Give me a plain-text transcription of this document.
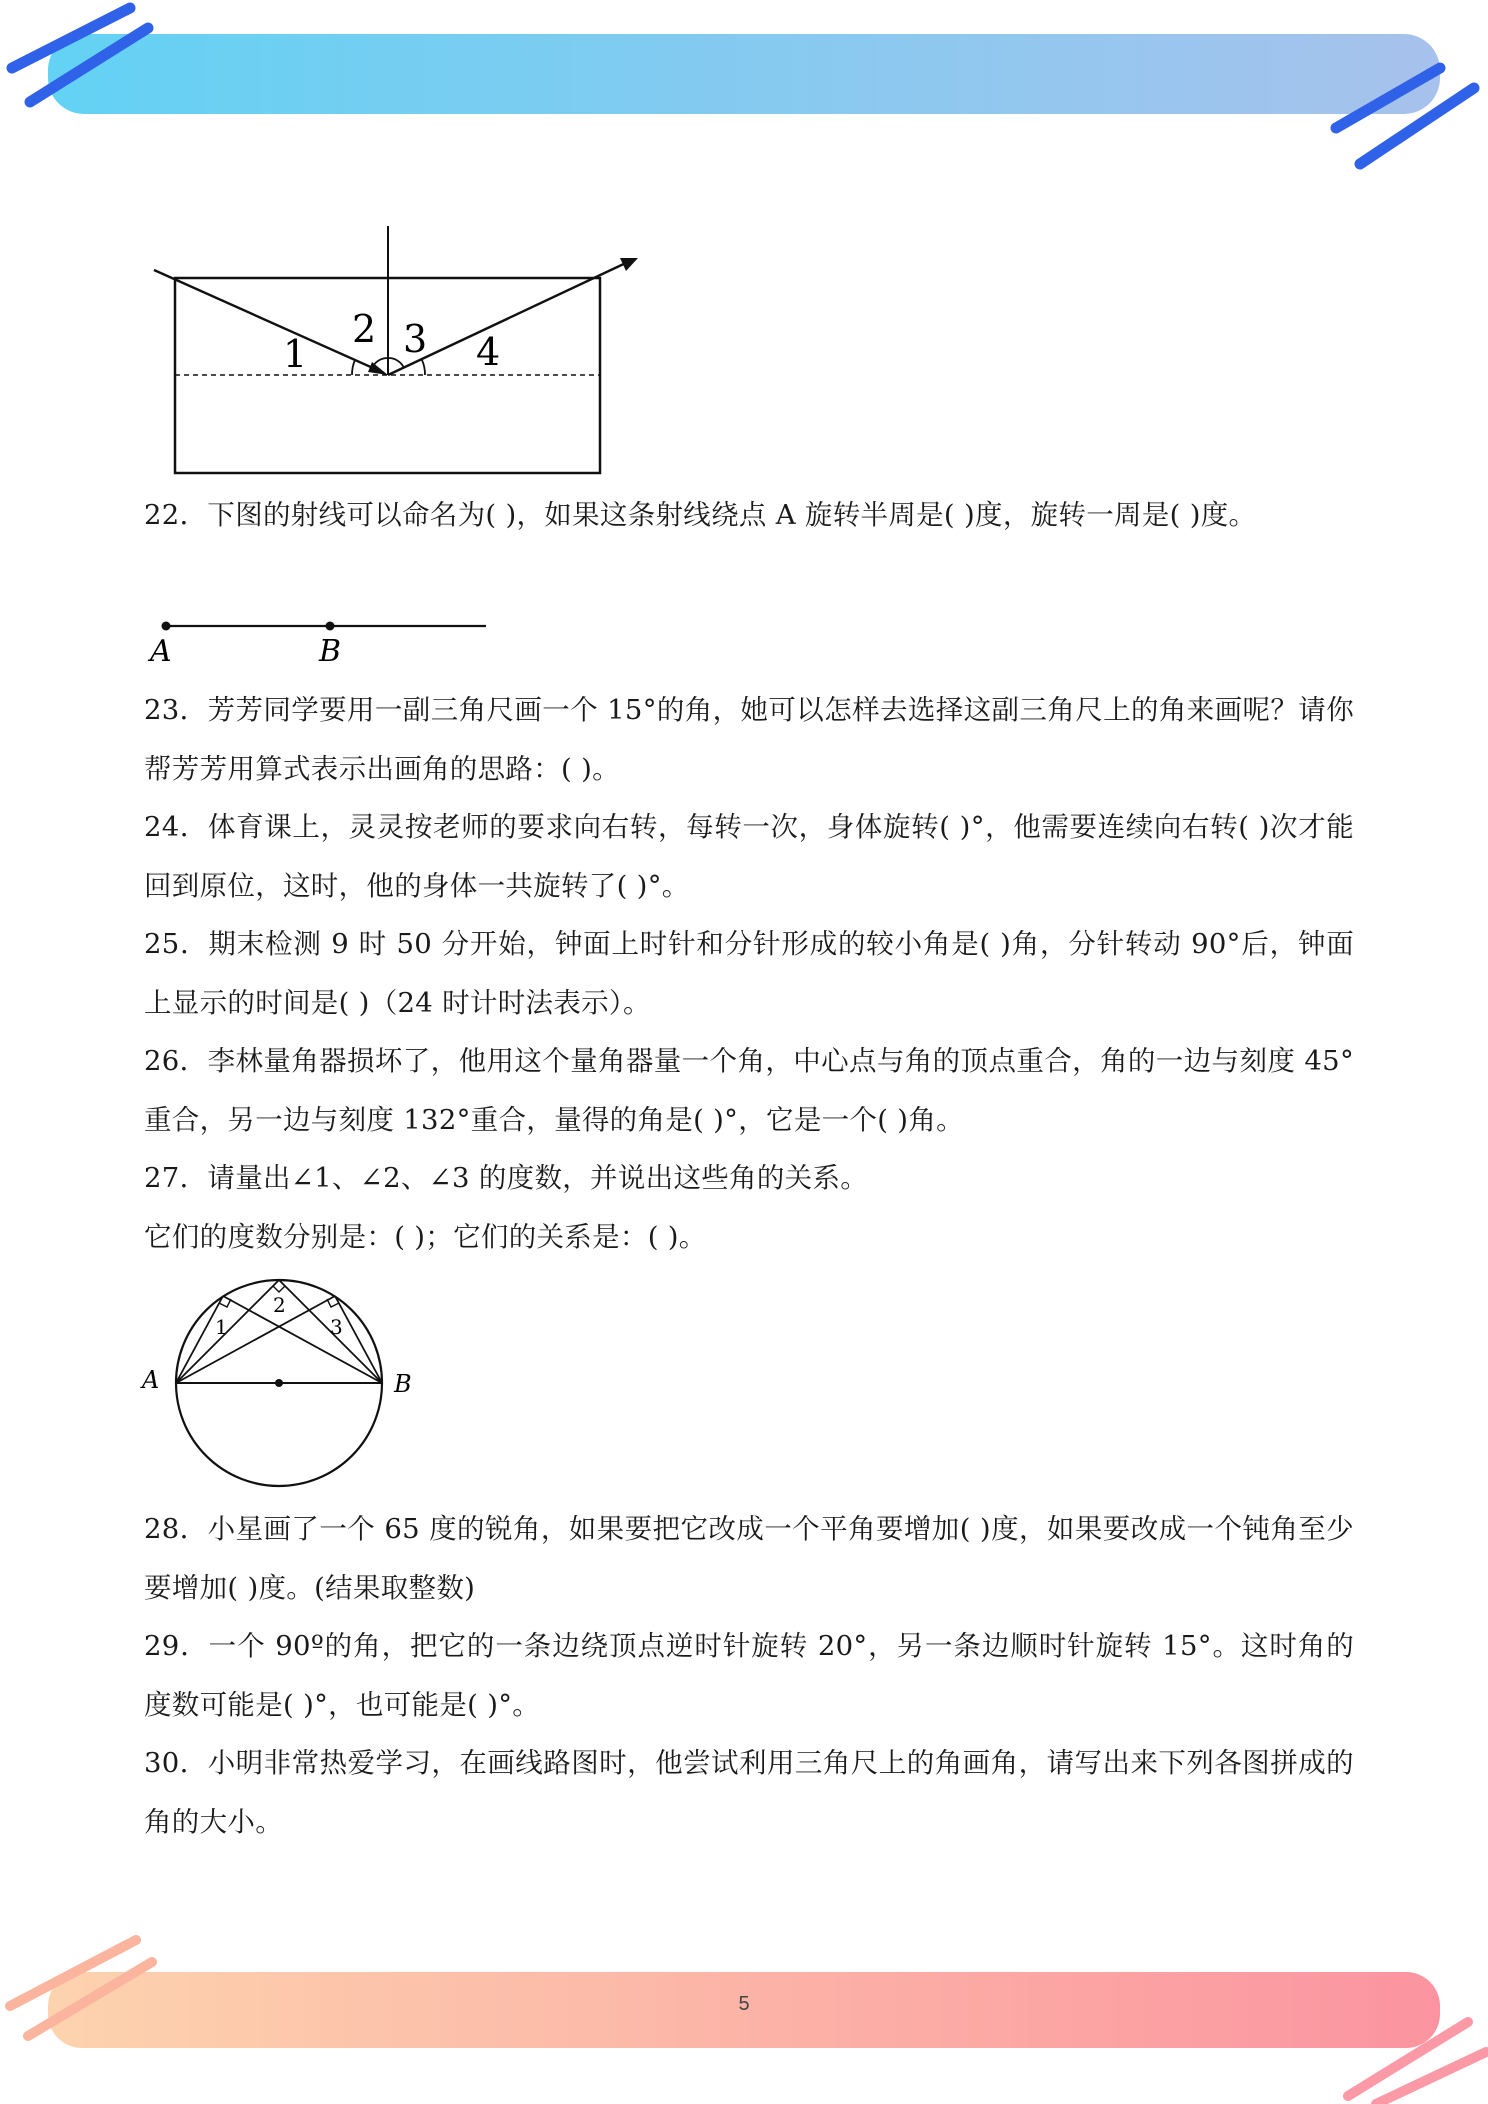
5
1
2 3 4
22．下图的射线可以命名为( )，如果这条射线绕点 A 旋转半周是( )度，旋转一周是( )度。
23．芳芳同学要用一副三角尺画一个 15°的角，她可以怎样去选择这副三角尺上的角来画呢？请你帮芳芳用算式表示出画角的思路：( )。
24．体育课上，灵灵按老师的要求向右转，每转一次，身体旋转( )°，他需要连续向右转( )次才能回到原位，这时，他的身体一共旋转了( )°。
25．期末检测 9 时 50 分开始，钟面上时针和分针形成的较小角是( )角，分针转动 90°后，钟面上显示的时间是( )（24 时计时法表示）。
26．李林量角器损坏了，他用这个量角器量一个角，中心点与角的顶点重合，角的一边与刻度 45°重合，另一边与刻度 132°重合，量得的角是( )°，它是一个( )角。
27．请量出∠1、∠2、∠3 的度数，并说出这些角的关系。
它们的度数分别是：( )；它们的关系是：( )。
28．小星画了一个 65 度的锐角，如果要把它改成一个平角要增加( )度，如果要改成一个钝角至少要增加( )度。(结果取整数)
29．一个 90º的角，把它的一条边绕顶点逆时针旋转 20°，另一条边顺时针旋转 15°。这时角的度数可能是( )°，也可能是( )°。
30．小明非常热爱学习，在画线路图时，他尝试利用三角尺上的角画角，请写出来下列各图拼成的角的大小。
A	B
1
2
3
A	B
